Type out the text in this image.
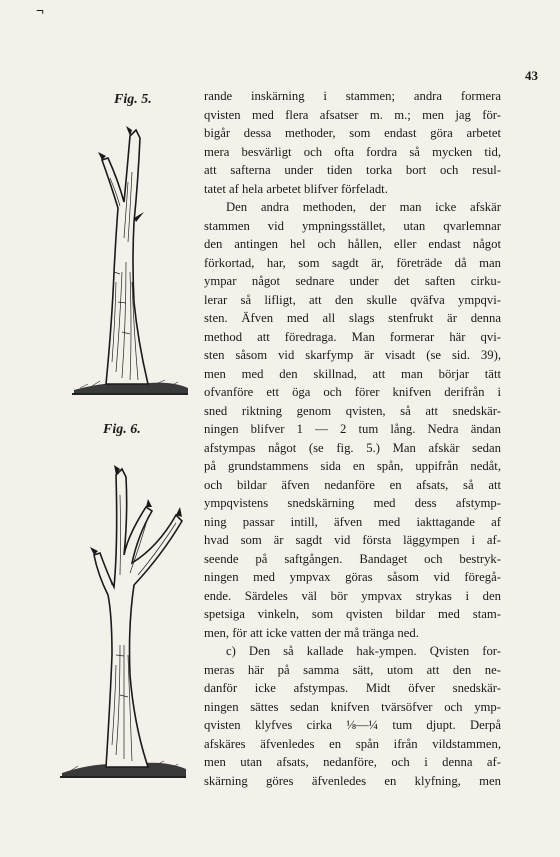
¬
43
Fig. 5.
Fig. 6.
rande inskärning i stammen; andra formera
qvisten med flera afsatser m. m.; men jag för-
bigår dessa methoder, som endast göra arbetet
mera besvärligt och ofta fordra så mycken tid,
att safterna under tiden torka bort och resul-
tatet af hela arbetet blifver förfeladt.
Den andra methoden, der man icke afskär
stammen vid ympningsstället, utan qvarlemnar
den antingen hel och hållen, eller endast något
förkortad, har, som sagdt är, företräde då man
ympar något sednare under det saften cirku-
lerar så lifligt, att den skulle qväfva ympqvi-
sten. Äfven med all slags stenfrukt är denna
method att föredraga. Man formerar här qvi-
sten såsom vid skarfymp är visadt (se sid. 39),
men med den skillnad, att man börjar tätt
ofvanföre ett öga och förer knifven derifrån i
sned riktning genom qvisten, så att snedskär-
ningen blifver 1 — 2 tum lång. Nedra ändan
afstympas något (se fig. 5.) Man afskär sedan
på grundstammens sida en spån, uppifrån nedåt,
och bildar äfven nedanföre en afsats, så att
ympqvistens snedskärning med dess afstymp-
ning passar intill, äfven med iakttagande af
hvad som är sagdt vid första läggympen i af-
seende på saftgången. Bandaget och bestryk-
ningen med ympvax göras såsom vid föregå-
ende. Särdeles väl bör ympvax strykas i den
spetsiga vinkeln, som qvisten bildar med stam-
men, för att icke vatten der må tränga ned.
c) Den så kallade hak-ympen. Qvisten for-
meras här på samma sätt, utom att den ne-
danför icke afstympas. Midt öfver snedskär-
ningen sättes sedan knifven tvärsöfver och ymp-
qvisten klyfves cirka ⅛—¼ tum djupt. Derpå
afskäres äfvenledes en spån ifrån vildstammen,
men utan afsats, nedanföre, och i denna af-
skärning göres äfvenledes en klyfning, men
